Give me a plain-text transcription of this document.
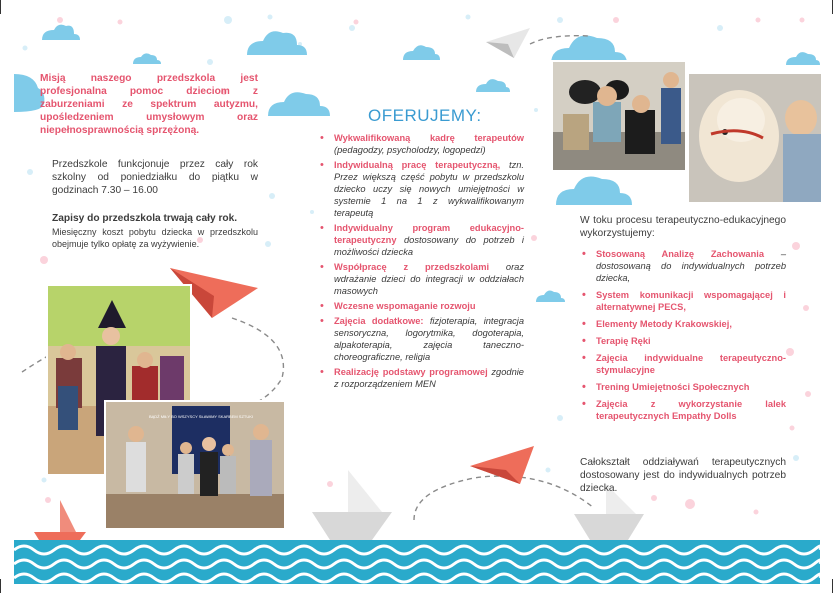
Misją naszego przedszkola jest profesjonalna pomoc dzieciom z zaburzeniami ze spektrum autyzmu, upośledzeniem umysłowym oraz niepełnosprawnością sprzężoną.
Przedszkole funkcjonuje przez cały rok szkolny od poniedziałku do piątku w godzinach 7.30 – 16.00
Zapisy do przedszkola trwają cały rok.
Miesięczny koszt pobytu dziecka w przedszkolu obejmuje tylko opłatę za wyżywienie.
BĄDŹ MIŁY BO WSZYSCY SŁAWIMY SKARBEM SZTUKI
OFERUJEMY:
• Wykwalifikowaną kadrę terapeutów (pedagodzy, psycholodzy, logopedzi)
• Indywidualną pracę terapeutyczną, tzn. Przez większą część pobytu w przedszkolu dziecko uczy się nowych umiejętności w systemie 1 na 1 z wykwalifikowanym terapeutą
• Indywidualny program edukacyjno-terapeutyczny dostosowany do potrzeb i możliwości dziecka
• Współpracę z przedszkolami oraz wdrażanie dzieci do integracji w oddziałach masowych
• Wczesne wspomaganie rozwoju
• Zajęcia dodatkowe: fizjoterapia, integracja sensoryczna, logorytmika, dogoterapia, alpakoterapia, zajęcia taneczno-choreograficzne, religia
• Realizację podstawy programowej zgodnie z rozporządzeniem MEN
W toku procesu terapeutyczno-edukacyjnego wykorzystujemy:
• Stosowaną Analizę Zachowania – dostosowaną do indywidualnych potrzeb dziecka,
• System komunikacji wspomagającej i alternatywnej PECS,
• Elementy Metody Krakowskiej,
• Terapię Ręki
• Zajęcia indywidualne terapeutyczno-stymulacyjne
• Trening Umiejętności Społecznych
• Zajęcia z wykorzystanie lalek terapeutycznych Empathy Dolls
Całokształt oddziaływań terapeutycznych dostosowany jest do indywidualnych potrzeb dziecka.
